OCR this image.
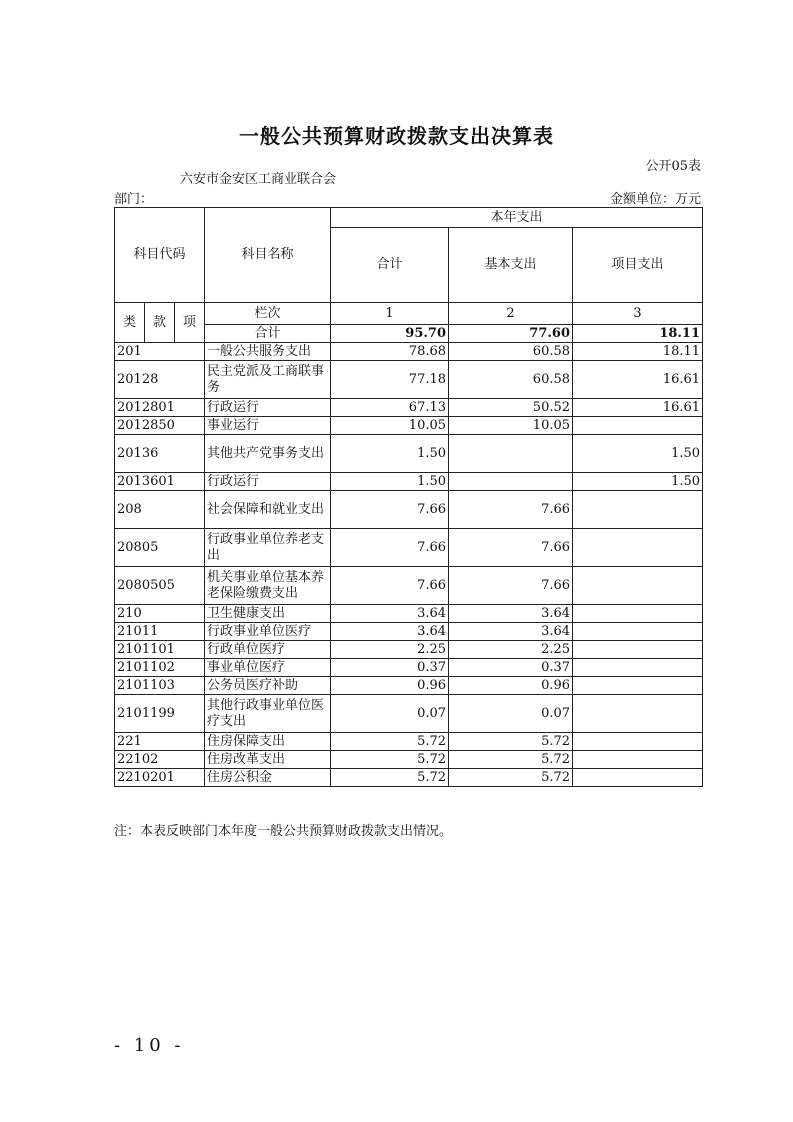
一般公共预算财政拨款支出决算表
公开05表
部门：
六安市金安区工商业联合会
金额单位：万元
科目代码			科目名称	本年支出		
				合计	基本支出	项目支出
类	款	项	栏次	1	2	3
			合计	95.70	77.60	18.11
201			一般公共服务支出	78.68	60.58	18.11
20128			民主党派及工商联事务	77.18	60.58	16.61
2012801			行政运行	67.13	50.52	16.61
2012850			事业运行	10.05	10.05	
20136			其他共产党事务支出	1.50		1.50
2013601			行政运行	1.50		1.50
208			社会保障和就业支出	7.66	7.66	
20805			行政事业单位养老支出	7.66	7.66	
2080505			机关事业单位基本养老保险缴费支出	7.66	7.66	
210			卫生健康支出	3.64	3.64	
21011			行政事业单位医疗	3.64	3.64	
2101101			行政单位医疗	2.25	2.25	
2101102			事业单位医疗	0.37	0.37	
2101103			公务员医疗补助	0.96	0.96	
2101199			其他行政事业单位医疗支出	0.07	0.07	
221			住房保障支出	5.72	5.72	
22102			住房改革支出	5.72	5.72	
2210201			住房公积金	5.72	5.72	
注：本表反映部门本年度一般公共预算财政拨款支出情况。
- 10 -
